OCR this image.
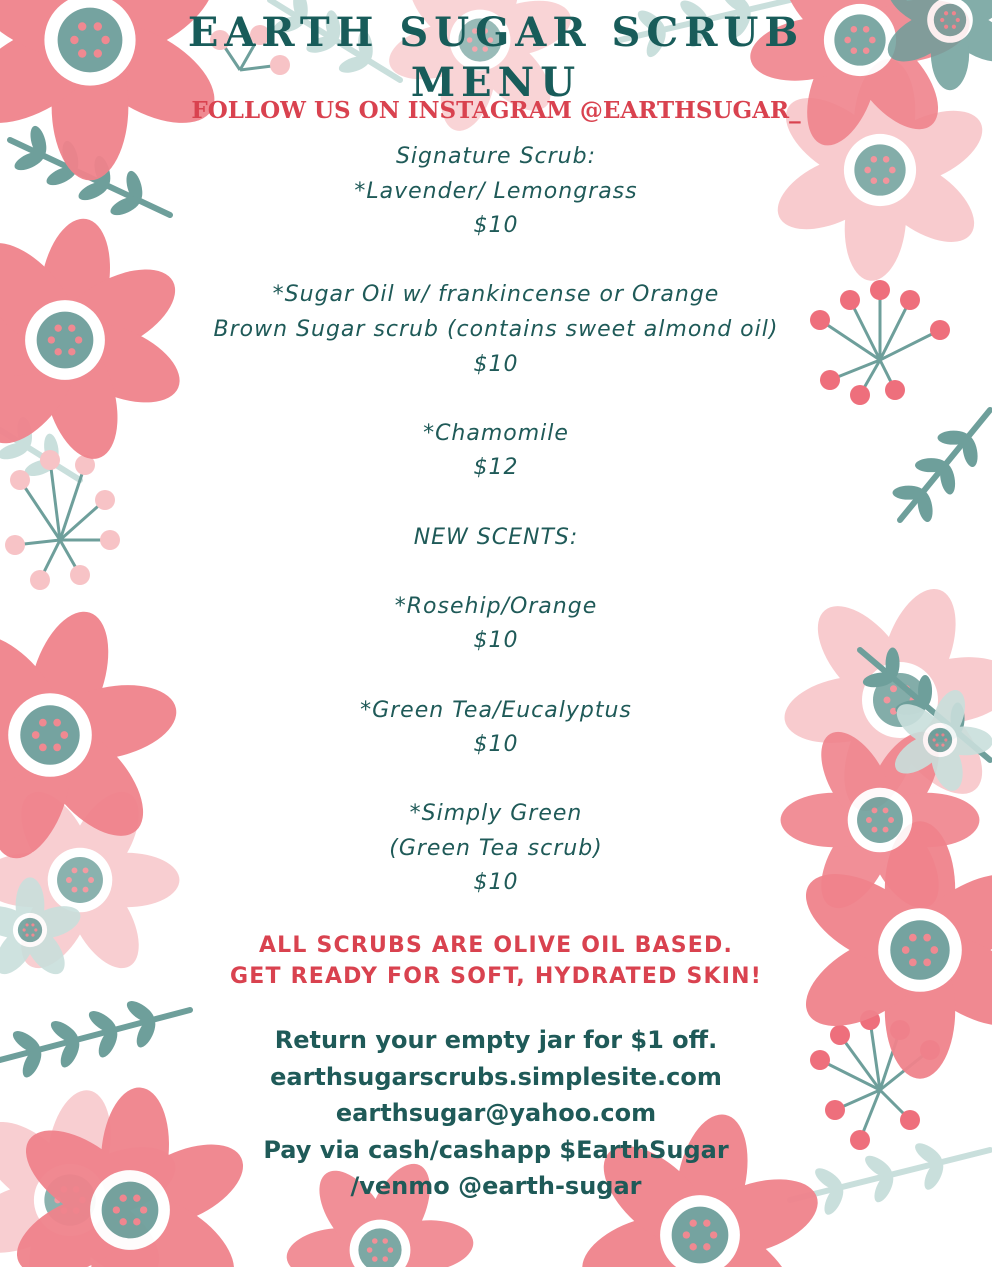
EARTH SUGAR SCRUB
MENU
FOLLOW US ON INSTAGRAM @EARTHSUGAR_
Signature Scrub:
*Lavender/ Lemongrass
$10
*Sugar Oil w/ frankincense or Orange
Brown Sugar scrub (contains sweet almond oil)
$10
*Chamomile
$12
NEW SCENTS:
*Rosehip/Orange
$10
*Green Tea/Eucalyptus
$10
*Simply Green
(Green Tea scrub)
$10
ALL SCRUBS ARE OLIVE OIL BASED.
GET READY FOR SOFT, HYDRATED SKIN!
Return your empty jar for $1 off.
earthsugarscrubs.simplesite.com
earthsugar@yahoo.com
Pay via cash/cashapp $EarthSugar
/venmo @earth-sugar
